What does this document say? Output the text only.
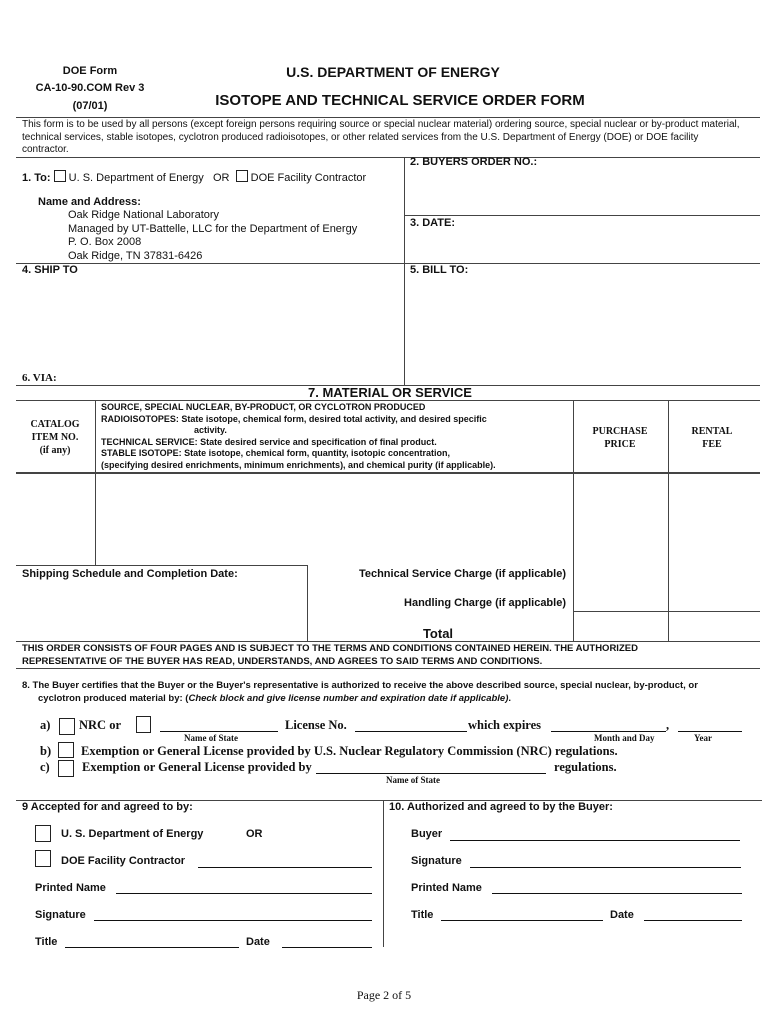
DOE Form
CA-10-90.COM Rev 3
(07/01)
U.S. DEPARTMENT OF ENERGY
ISOTOPE AND TECHNICAL SERVICE ORDER FORM
This form is to be used by all persons (except foreign persons requiring source or special nuclear material) ordering source, special nuclear or by-product material,
technical services, stable isotopes, cyclotron produced radioisotopes, or other related services from the U.S. Department of Energy (DOE) or DOE facility
contractor.
2. BUYERS ORDER NO.:
1. To: U. S. Department of Energy OR DOE Facility Contractor
Name and Address:
Oak Ridge National Laboratory
Managed by UT-Battelle, LLC for the Department of Energy
P. O. Box 2008
Oak Ridge, TN 37831-6426
3. DATE:
4. SHIP TO	5. BILL TO:
6. VIA:
7. MATERIAL OR SERVICE
CATALOG
ITEM NO.
(if any)
SOURCE, SPECIAL NUCLEAR, BY-PRODUCT, OR CYCLOTRON PRODUCED
RADIOISOTOPES: State isotope, chemical form, desired total activity, and desired specific
activity.
TECHNICAL SERVICE: State desired service and specification of final product.
STABLE ISOTOPE: State isotope, chemical form, quantity, isotopic concentration,
(specifying desired enrichments, minimum enrichments), and chemical purity (if applicable).
PURCHASE
PRICE
RENTAL
FEE
Shipping Schedule and Completion Date:	Technical Service Charge (if applicable)
Handling Charge (if applicable)
Total
THIS ORDER CONSISTS OF FOUR PAGES AND IS SUBJECT TO THE TERMS AND CONDITIONS CONTAINED HEREIN. THE AUTHORIZED
REPRESENTATIVE OF THE BUYER HAS READ, UNDERSTANDS, AND AGREES TO SAID TERMS AND CONDITIONS.
8. The Buyer certifies that the Buyer or the Buyer's representative is authorized to receive the above described source, special nuclear, by-product, or
cyclotron produced material by: (Check block and give license number and expiration date if applicable).
a) NRC or	License No.	which expires	,
Name of State	Month and Day	Year
b) Exemption or General License provided by U.S. Nuclear Regulatory Commission (NRC) regulations.
c)	Exemption or General License provided by	regulations.
Name of State
9 Accepted for and agreed to by:
U. S. Department of Energy	OR
DOE Facility Contractor
Printed Name
Signature
Title	Date
10. Authorized and agreed to by the Buyer:
Buyer
Signature
Printed Name
Title	Date
Page 2 of 5
